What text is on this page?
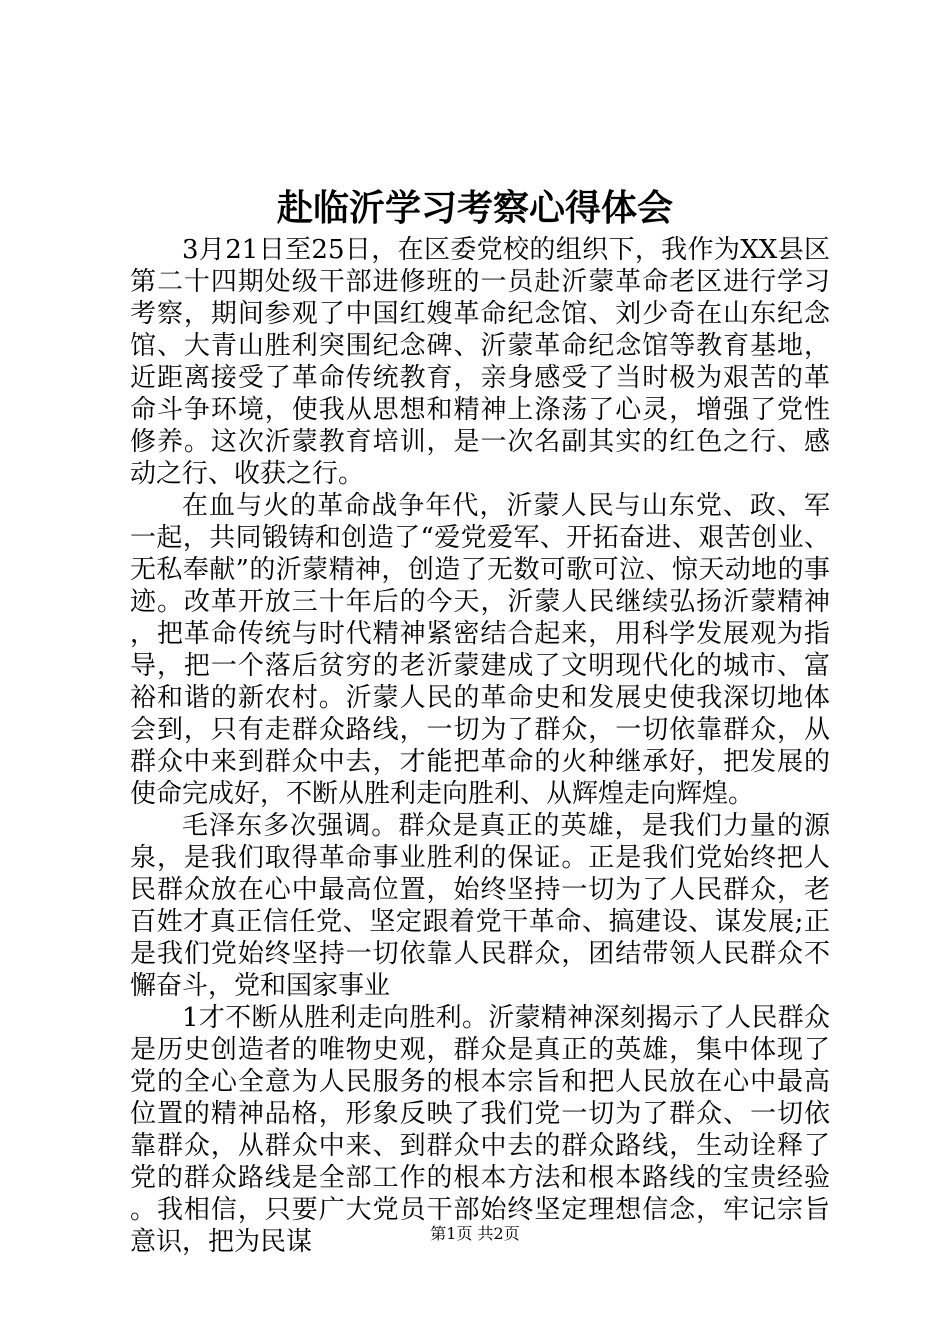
赴临沂学习考察心得体会

3月21日至25日，在区委党校的组织下，我作为XX县区第二十四期处级干部进修班的一员赴沂蒙革命老区进行学习考察，期间参观了中国红嫂革命纪念馆、刘少奇在山东纪念馆、大青山胜利突围纪念碑、沂蒙革命纪念馆等教育基地，近距离接受了革命传统教育，亲身感受了当时极为艰苦的革命斗争环境，使我从思想和精神上涤荡了心灵，增强了党性修养。这次沂蒙教育培训，是一次名副其实的红色之行、感动之行、收获之行。

在血与火的革命战争年代，沂蒙人民与山东党、政、军一起，共同锻铸和创造了“爱党爱军、开拓奋进、艰苦创业、无私奉献”的沂蒙精神，创造了无数可歌可泣、惊天动地的事迹。改革开放三十年后的今天，沂蒙人民继续弘扬沂蒙精神，把革命传统与时代精神紧密结合起来，用科学发展观为指导，把一个落后贫穷的老沂蒙建成了文明现代化的城市、富裕和谐的新农村。沂蒙人民的革命史和发展史使我深切地体会到，只有走群众路线，一切为了群众，一切依靠群众，从群众中来到群众中去，才能把革命的火种继承好，把发展的使命完成好，不断从胜利走向胜利、从辉煌走向辉煌。

毛泽东多次强调。群众是真正的英雄，是我们力量的源泉，是我们取得革命事业胜利的保证。正是我们党始终把人民群众放在心中最高位置，始终坚持一切为了人民群众，老百姓才真正信任党、坚定跟着党干革命、搞建设、谋发展;正是我们党始终坚持一切依靠人民群众，团结带领人民群众不懈奋斗，党和国家事业

1才不断从胜利走向胜利。沂蒙精神深刻揭示了人民群众是历史创造者的唯物史观，群众是真正的英雄，集中体现了党的全心全意为人民服务的根本宗旨和把人民放在心中最高位置的精神品格，形象反映了我们党一切为了群众、一切依靠群众，从群众中来、到群众中去的群众路线，生动诠释了党的群众路线是全部工作的根本方法和根本路线的宝贵经验。我相信，只要广大党员干部始终坚定理想信念，牢记宗旨意识，把为民谋	第1页 共2页
